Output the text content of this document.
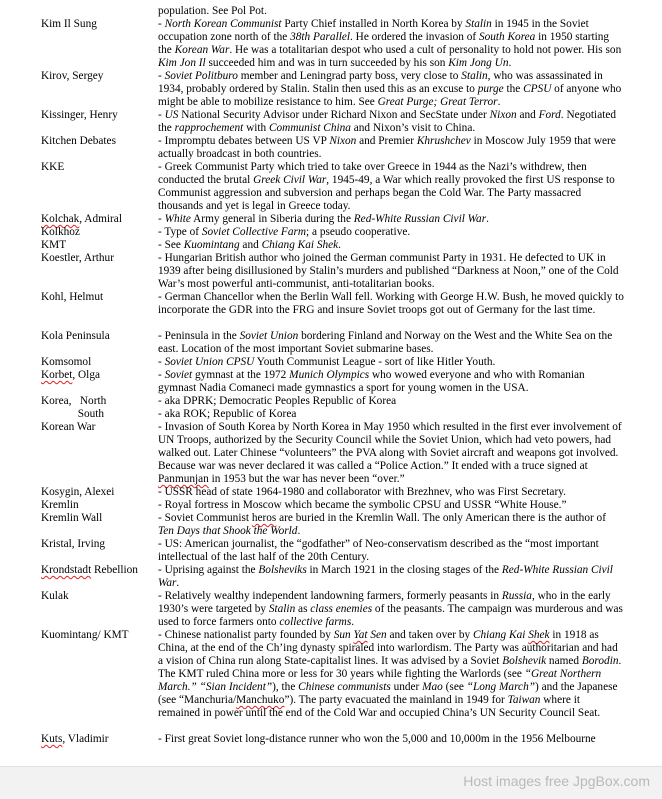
population. See Pol Pot.
Kim Il Sung	- North Korean Communist Party Chief installed in North Korea by Stalin in 1945 in the Soviet occupation zone north of the 38th Parallel. He ordered the invasion of South Korea in 1950 starting the Korean War. He was a totalitarian despot who used a cult of personality to hold not power. His son Kim Jon Il succeeded him and was in turn succeeded by his son Kim Jong Un.
Kirov, Sergey	- Soviet Politburo member and Leningrad party boss, very close to Stalin, who was assassinated in 1934, probably ordered by Stalin. Stalin then used this as an excuse to purge the CPSU of anyone who might be able to mobilize resistance to him. See Great Purge; Great Terror.
Kissinger, Henry	- US National Security Advisor under Richard Nixon and SecState under Nixon and Ford. Negotiated the rapprochement with Communist China and Nixon’s visit to China.
Kitchen Debates	- Impromptu debates between US VP Nixon and Premier Khrushchev in Moscow July 1959 that were actually broadcast in both countries.
KKE	- Greek Communist Party which tried to take over Greece in 1944 as the Nazi’s withdrew, then conducted the brutal Greek Civil War, 1945-49, a War which really provoked the first US response to Communist aggression and subversion and perhaps began the Cold War. The Party massacred thousands and yet is legal in Greece today.
Kolchak, Admiral	- White Army general in Siberia during the Red-White Russian Civil War.
Kolkhoz	- Type of Soviet Collective Farm; a pseudo cooperative.
KMT	- See Kuomintang and Chiang Kai Shek.
Koestler, Arthur	- Hungarian British author who joined the German communist Party in 1931. He defected to UK in 1939 after being disillusioned by Stalin’s murders and published “Darkness at Noon,” one of the Cold War’s most powerful anti-communist, anti-totalitarian books.
Kohl, Helmut	- German Chancellor when the Berlin Wall fell. Working with George H.W. Bush, he moved quickly to incorporate the GDR into the FRG and insure Soviet troops got out of Germany for the last time.
Kola Peninsula	- Peninsula in the Soviet Union bordering Finland and Norway on the West and the White Sea on the east. Location of the most important Soviet submarine bases.
Komsomol	- Soviet Union CPSU Youth Communist League - sort of like Hitler Youth.
Korbet, Olga	- Soviet gymnast at the 1972 Munich Olympics who wowed everyone and who with Romanian gymnast Nadia Comaneci made gymnastics a sport for young women in the USA.
Korea,   North	- aka DPRK; Democratic Peoples Republic of Korea
South	- aka ROK; Republic of Korea
Korean War	- Invasion of South Korea by North Korea in May 1950 which resulted in the first ever involvement of UN Troops, authorized by the Security Council while the Soviet Union, which had veto powers, had walked out. Later Chinese “volunteers” the PVA along with Soviet aircraft and weapons got involved. Because war was never declared it was called a “Police Action.” It ended with a truce signed at Panmunjan in 1953 but the war has never been “over.”
Kosygin, Alexei	- USSR head of state 1964-1980 and collaborator with Brezhnev, who was First Secretary.
Kremlin	- Royal fortress in Moscow which became the symbolic CPSU and USSR “White House.”
Kremlin Wall	- Soviet Communist heros are buried in the Kremlin Wall. The only American there is the author of Ten Days that Shook the World.
Kristal, Irving	- US: American journalist, the “godfather” of Neo-conservatism described as the “most important intellectual of the last half of the 20th Century.
Krondstadt Rebellion	- Uprising against the Bolsheviks in March 1921 in the closing stages of the Red-White Russian Civil War.
Kulak	- Relatively wealthy independent landowning farmers, formerly peasants in Russia, who in the early 1930’s were targeted by Stalin as class enemies of the peasants. The campaign was murderous and was used to force farmers onto collective farms.
Kuomintang/ KMT	- Chinese nationalist party founded by Sun Yat Sen and taken over by Chiang Kai Shek in 1918 as China, at the end of the Ch’ing dynasty spiraled into warlordism. The Party was authoritarian and had a vision of China run along State-capitalist lines. It was advised by a Soviet Bolshevik named Borodin. The KMT ruled China more or less for 30 years while fighting the Warlords (see “Great Northern March.” “Sian Incident”), the Chinese communists under Mao (see “Long March”) and the Japanese (see “Manchuria/Manchuko”). The party evacuated the mainland in 1949 for Taiwan where it remained in power until the end of the Cold War and occupied China’s UN Security Council Seat.
Kuts, Vladimir	- First great Soviet long-distance runner who won the 5,000 and 10,000m in the 1956 Melbourne
Host images free JpgBox.com
